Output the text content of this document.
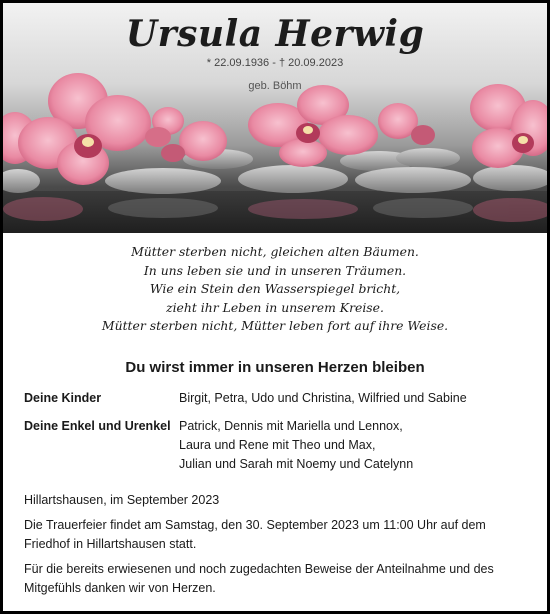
Ursula Herwig
* 22.09.1936 - † 20.09.2023
geb. Böhm
Mütter sterben nicht, gleichen alten Bäumen.
In uns leben sie und in unseren Träumen.
Wie ein Stein den Wasserspiegel bricht,
zieht ihr Leben in unserem Kreise.
Mütter sterben nicht, Mütter leben fort auf ihre Weise.
Du wirst immer in unseren Herzen bleiben
Deine Kinder	Birgit, Petra, Udo und Christina, Wilfried und Sabine
Deine Enkel und Urenkel Patrick, Dennis mit Mariella und Lennox,
Laura und Rene mit Theo und Max,
Julian und Sarah mit Noemy und Catelynn

Hillartshausen, im September 2023

Die Trauerfeier findet am Samstag, den 30. September 2023 um 11:00 Uhr auf dem
Friedhof in Hillartshausen statt.

Für die bereits erwiesenen und noch zugedachten Beweise der Anteilnahme und des
Mitgefühls danken wir von Herzen.
